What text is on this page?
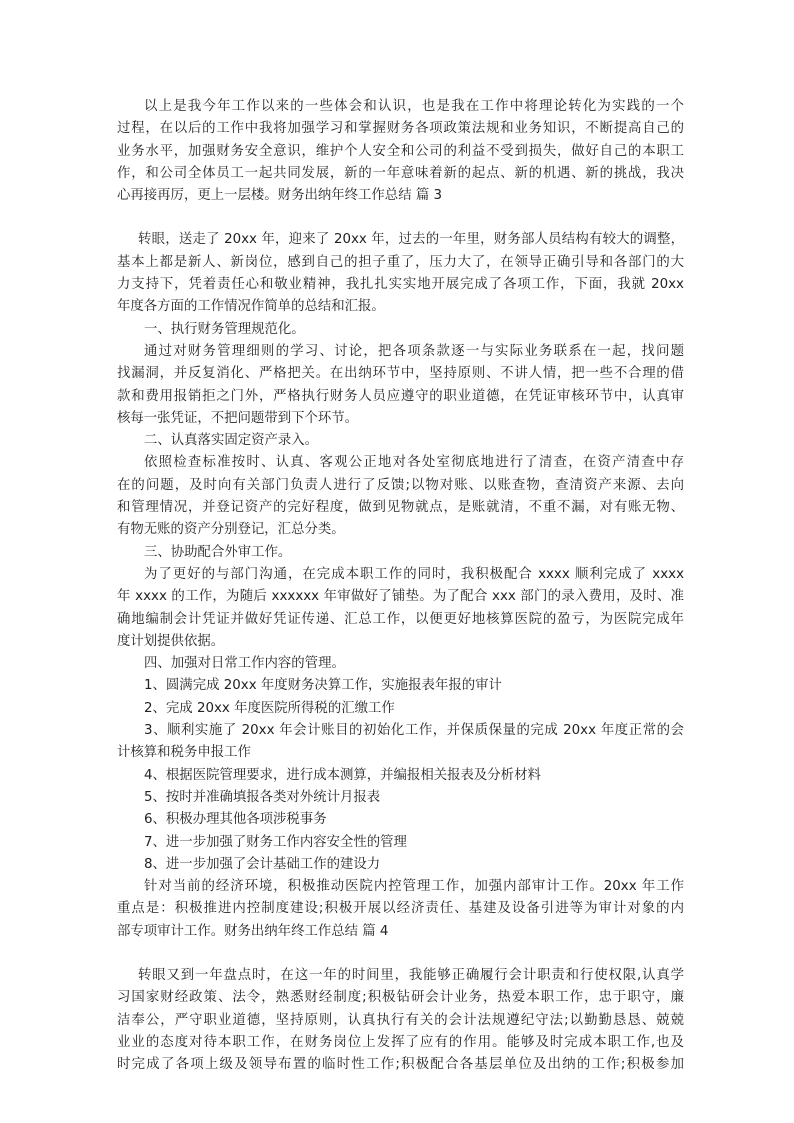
以上是我今年工作以来的一些体会和认识，也是我在工作中将理论转化为实践的一个
过程，在以后的工作中我将加强学习和掌握财务各项政策法规和业务知识，不断提高自己的
业务水平，加强财务安全意识，维护个人安全和公司的利益不受到损失，做好自己的本职工
作，和公司全体员工一起共同发展，新的一年意味着新的起点、新的机遇、新的挑战，我决
心再接再厉，更上一层楼。财务出纳年终工作总结 篇 3
转眼，送走了 20xx 年，迎来了 20xx 年，过去的一年里，财务部人员结构有较大的调整，
基本上都是新人、新岗位，感到自己的担子重了，压力大了，在领导正确引导和各部门的大
力支持下，凭着责任心和敬业精神，我扎扎实实地开展完成了各项工作，下面，我就 20xx
年度各方面的工作情况作简单的总结和汇报。
一、执行财务管理规范化。
通过对财务管理细则的学习、讨论，把各项条款逐一与实际业务联系在一起，找问题
找漏洞，并反复消化、严格把关。在出纳环节中，坚持原则、不讲人情，把一些不合理的借
款和费用报销拒之门外，严格执行财务人员应遵守的职业道德，在凭证审核环节中，认真审
核每一张凭证，不把问题带到下个环节。
二、认真落实固定资产录入。
依照检查标准按时、认真、客观公正地对各处室彻底地进行了清查，在资产清查中存
在的问题，及时向有关部门负责人进行了反馈;以物对账、以账查物，查清资产来源、去向
和管理情况，并登记资产的完好程度，做到见物就点，是账就清，不重不漏，对有账无物、
有物无账的资产分别登记，汇总分类。
三、协助配合外审工作。
为了更好的与部门沟通，在完成本职工作的同时，我积极配合 xxxx 顺利完成了 xxxx
年 xxxx 的工作，为随后 xxxxxx 年审做好了铺垫。为了配合 xxx 部门的录入费用，及时、准
确地编制会计凭证并做好凭证传递、汇总工作，以便更好地核算医院的盈亏，为医院完成年
度计划提供依据。
四、加强对日常工作内容的管理。
1、圆满完成 20xx 年度财务决算工作，实施报表年报的审计
2、完成 20xx 年度医院所得税的汇缴工作
3、顺利实施了 20xx 年会计账目的初始化工作，并保质保量的完成 20xx 年度正常的会
计核算和税务申报工作
4、根据医院管理要求，进行成本测算，并编报相关报表及分析材料
5、按时并准确填报各类对外统计月报表
6、积极办理其他各项涉税事务
7、进一步加强了财务工作内容安全性的管理
8、进一步加强了会计基础工作的建设力
针对当前的经济环境，积极推动医院内控管理工作，加强内部审计工作。20xx 年工作
重点是：积极推进内控制度建设;积极开展以经济责任、基建及设备引进等为审计对象的内
部专项审计工作。财务出纳年终工作总结 篇 4
转眼又到一年盘点时，在这一年的时间里，我能够正确履行会计职责和行使权限,认真学
习国家财经政策、法令，熟悉财经制度;积极钻研会计业务，热爱本职工作，忠于职守，廉
洁奉公，严守职业道德，坚持原则，认真执行有关的会计法规遵纪守法;以勤勤恳恳、兢兢
业业的态度对待本职工作，在财务岗位上发挥了应有的作用。能够及时完成本职工作,也及
时完成了各项上级及领导布置的临时性工作;积极配合各基层单位及出纳的工作;积极参加
